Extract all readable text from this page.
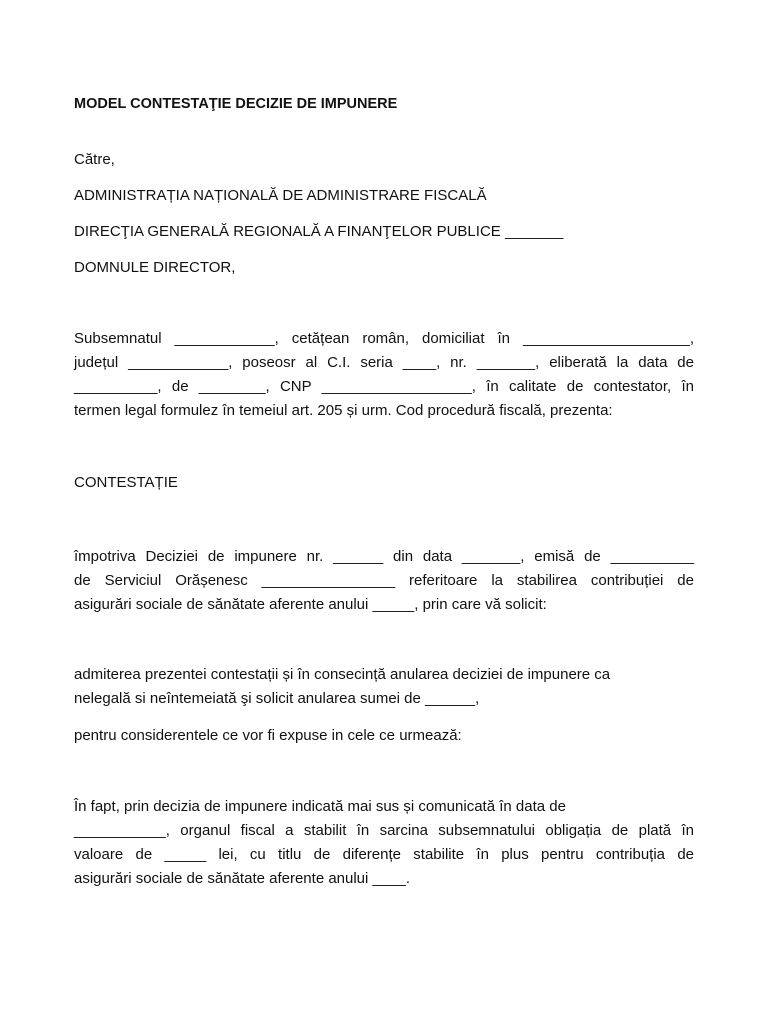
MODEL CONTESTAŢIE DECIZIE DE IMPUNERE
Către,
ADMINISTRAȚIA NAȚIONALĂ DE ADMINISTRARE FISCALĂ
DIRECŢIA GENERALĂ REGIONALĂ A FINANŢELOR PUBLICE _______
DOMNULE DIRECTOR,
Subsemnatul ____________, cetățean român, domiciliat în ____________________,
județul ____________, poseosr al C.I. seria ____, nr. _______, eliberată la data de
__________, de ________, CNP __________________, în calitate de contestator, în
termen legal formulez în temeiul art. 205 și urm. Cod procedură fiscală, prezenta:
CONTESTAȚIE
împotriva Deciziei de impunere nr. ______ din data _______, emisă de __________
de Serviciul Orășenesc ________________ referitoare la stabilirea contribuției de
asigurări sociale de sănătate aferente anului _____, prin care vă solicit:
admiterea prezentei contestații și în consecință anularea deciziei de impunere ca
nelegală si neîntemeiată şi solicit anularea sumei de ______,
pentru considerentele ce vor fi expuse in cele ce urmează:
În fapt, prin decizia de impunere indicată mai sus și comunicată în data de
___________, organul fiscal a stabilit în sarcina subsemnatului obligația de plată în
valoare de _____ lei, cu titlu de diferențe stabilite în plus pentru contribuția de
asigurări sociale de sănătate aferente anului ____.
